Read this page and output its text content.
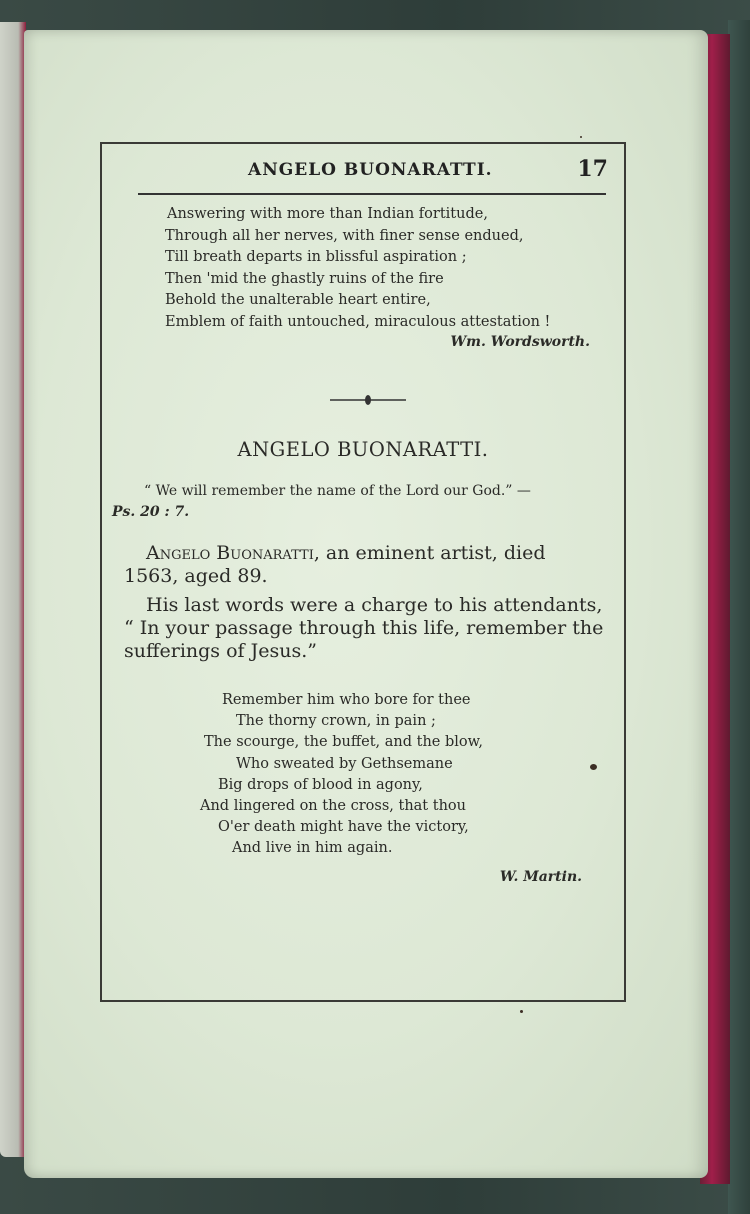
ANGELO BUONARATTI.	17
Answering with more than Indian fortitude,
Through all her nerves, with finer sense endued,
Till breath departs in blissful aspiration ;
Then 'mid the ghastly ruins of the fire
Behold the unalterable heart entire,
Emblem of faith untouched, miraculous attestation !
Wm. Wordsworth.
ANGELO BUONARATTI.
“ We will remember the name of the Lord our God.” —
Ps. 20 : 7.
Angelo Buonaratti, an eminent artist, died 1563, aged 89.
His last words were a charge to his attendants, “ In your passage through this life, remember the sufferings of Jesus.”
Remember him who bore for thee
The thorny crown, in pain ;
The scourge, the buffet, and the blow,
Who sweated by Gethsemane
Big drops of blood in agony,
And lingered on the cross, that thou
O'er death might have the victory,
And live in him again.
W. Martin.
